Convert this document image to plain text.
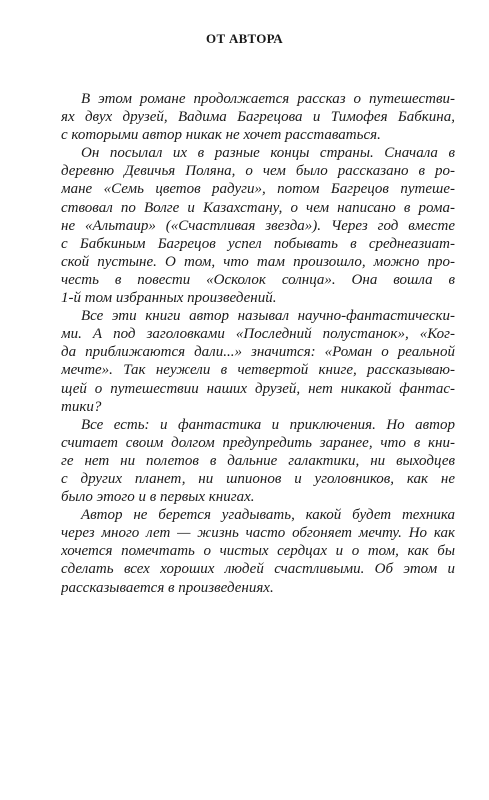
ОТ АВТОРА
В этом романе продолжается рассказ о путешестви-
ях двух друзей, Вадима Багрецова и Тимофея Бабкина,
с которыми автор никак не хочет расставаться.
Он посылал их в разные концы страны. Сначала в
деревню Девичья Поляна, о чем было рассказано в ро-
мане «Семь цветов радуги», потом Багрецов путеше-
ствовал по Волге и Казахстану, о чем написано в рома-
не «Альтаир» («Счастливая звезда»). Через год вместе
с Бабкиным Багрецов успел побывать в среднеазиат-
ской пустыне. О том, что там произошло, можно про-
честь в повести «Осколок солнца». Она вошла в
1-й том избранных произведений.
Все эти книги автор называл научно-фантастически-
ми. А под заголовками «Последний полустанок», «Ког-
да приближаются дали...» значится: «Роман о реальной
мечте». Так неужели в четвертой книге, рассказываю-
щей о путешествии наших друзей, нет никакой фантас-
тики?
Все есть: и фантастика и приключения. Но автор
считает своим долгом предупредить заранее, что в кни-
ге нет ни полетов в дальние галактики, ни выходцев
с других планет, ни шпионов и уголовников, как не
было этого и в первых книгах.
Автор не берется угадывать, какой будет техника
через много лет — жизнь часто обгоняет мечту. Но как
хочется помечтать о чистых сердцах и о том, как бы
сделать всех хороших людей счастливыми. Об этом и
рассказывается в произведениях.
